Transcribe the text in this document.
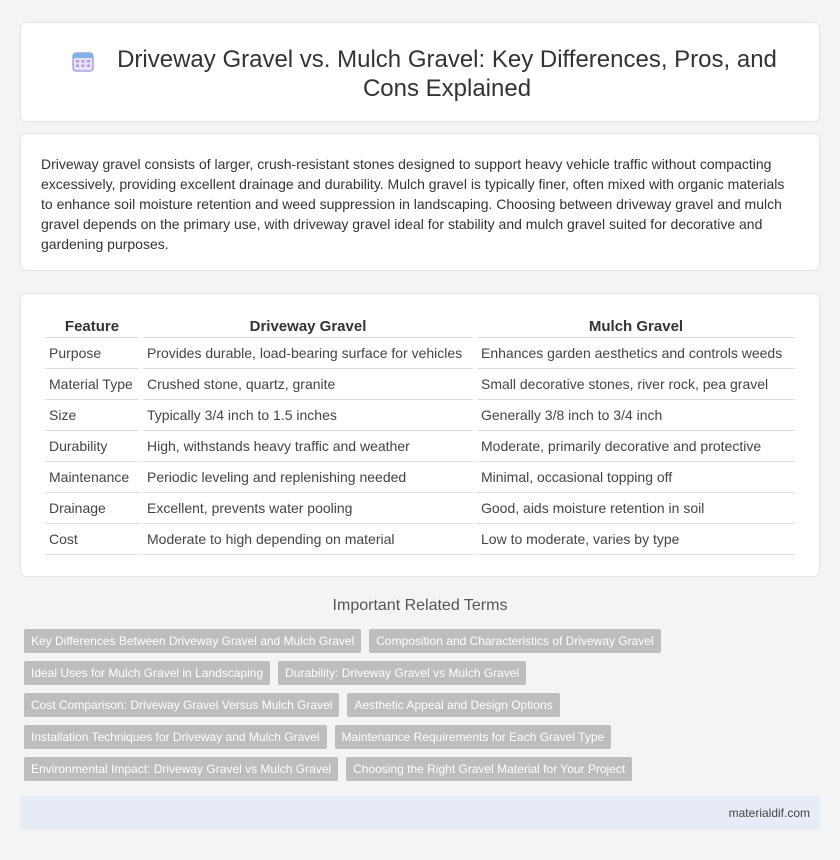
Driveway Gravel vs. Mulch Gravel: Key Differences, Pros, and Cons Explained

Driveway gravel consists of larger, crush-resistant stones designed to support heavy vehicle traffic without compacting excessively, providing excellent drainage and durability. Mulch gravel is typically finer, often mixed with organic materials to enhance soil moisture retention and weed suppression in landscaping. Choosing between driveway gravel and mulch gravel depends on the primary use, with driveway gravel ideal for stability and mulch gravel suited for decorative and gardening purposes.

Feature	Driveway Gravel	Mulch Gravel
Purpose	Provides durable, load-bearing surface for vehicles	Enhances garden aesthetics and controls weeds
Material Type	Crushed stone, quartz, granite	Small decorative stones, river rock, pea gravel
Size	Typically 3/4 inch to 1.5 inches	Generally 3/8 inch to 3/4 inch
Durability	High, withstands heavy traffic and weather	Moderate, primarily decorative and protective
Maintenance	Periodic leveling and replenishing needed	Minimal, occasional topping off
Drainage	Excellent, prevents water pooling	Good, aids moisture retention in soil
Cost	Moderate to high depending on material	Low to moderate, varies by type
Important Related Terms
Key Differences Between Driveway Gravel and Mulch Gravel	Composition and Characteristics of Driveway Gravel
Ideal Uses for Mulch Gravel in Landscaping	Durability: Driveway Gravel vs Mulch Gravel
Cost Comparison: Driveway Gravel Versus Mulch Gravel	Aesthetic Appeal and Design Options
Installation Techniques for Driveway and Mulch Gravel	Maintenance Requirements for Each Gravel Type
Environmental Impact: Driveway Gravel vs Mulch Gravel	Choosing the Right Gravel Material for Your Project
materialdif.com
